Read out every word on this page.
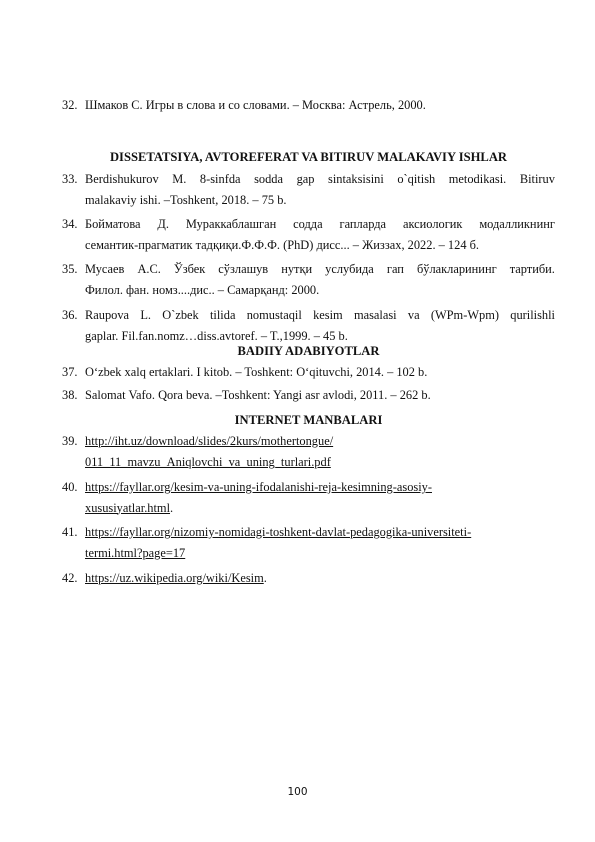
32. Шмаков С. Игры в слова и со словами. – Москва: Астрель, 2000.
DISSETATSIYA, AVTOREFERAT VA BITIRUV MALAKAVIY ISHLAR
33. Berdishukurov M. 8-sinfda sodda gap sintaksisini o`qitish metodikasi. Bitiruv
malakaviy ishi. –Toshkent, 2018. – 75 b.
34. Бойматова Д. Мураккаблашган содда гапларда аксиологик модалликнинг
семантик-прагматик тадқиқи.Ф.Ф.Ф. (PhD) дисс... – Жиззах, 2022. – 124 б.
35. Мусаев А.С. Ўзбек сўзлашув нутқи услубида гап бўлакларининг тартиби.
Филол. фан. номз....дис.. – Самарқанд: 2000.
36. Raupova L. O`zbek tilida nomustaqil kesim masalasi va (WPm-Wpm) qurilishli
gaplar. Fil.fan.nomz…diss.avtoref. – T.,1999. – 45 b.
BADIIY ADABIYOTLAR
37. O‘zbek xalq ertaklari. I kitob. – Toshkent: O‘qituvchi, 2014. – 102 b.
38. Salomat Vafo. Qora beva. –Toshkent: Yangi asr avlodi, 2011. – 262 b.
INTERNET MANBALARI
39. http://iht.uz/download/slides/2kurs/mothertongue/
011_11_mavzu_Aniqlovchi_va_uning_turlari.pdf
40. https://fayllar.org/kesim-va-uning-ifodalanishi-reja-kesimning-asosiy-
xususiyatlar.html.
41. https://fayllar.org/nizomiy-nomidagi-toshkent-davlat-pedagogika-universiteti-
termi.html?page=17
42. https://uz.wikipedia.org/wiki/Kesim.
100
